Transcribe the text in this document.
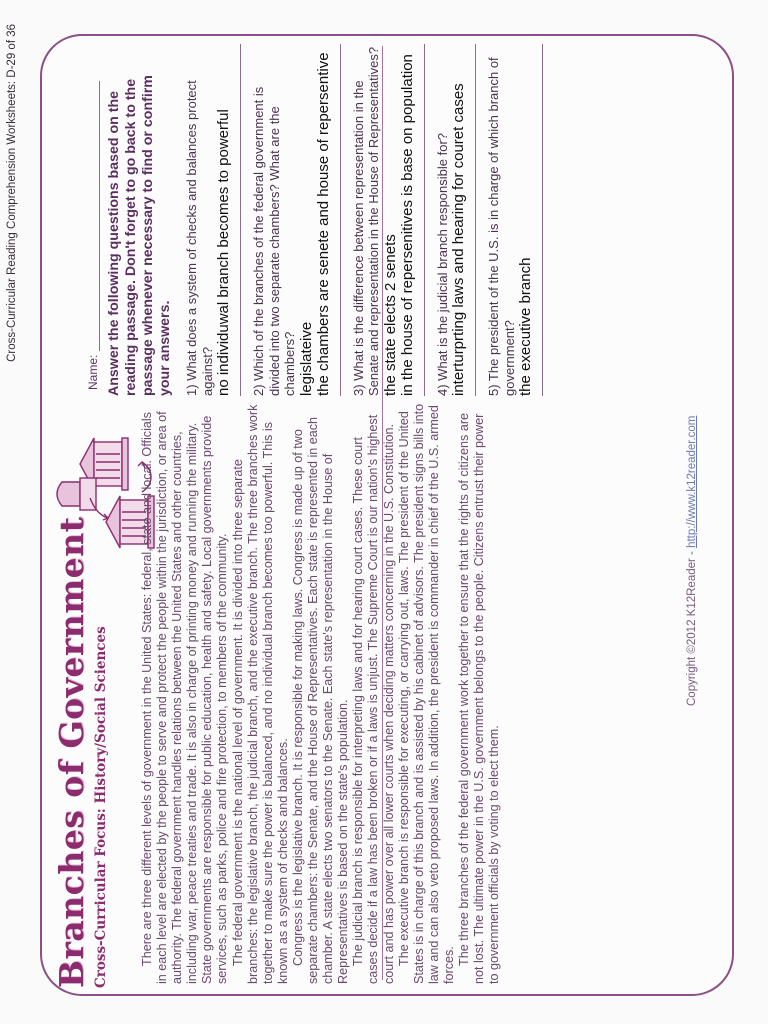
Cross-Curricular Reading Comprehension Worksheets: D-29 of 36
Branches of Government Cross-Curricular Focus: History/Social Sciences There are three different levels of government in the United States: federal, state and local. Officials in each level are elected by the people to serve and protect the people within the jurisdiction, or area of authority. The federal government handles relations between the United States and other countries, including war, peace treaties and trade. It is also in charge of printing money and running the military. State governments are responsible for public education, health and safety. Local governments provide services, such as parks, police and fire protection, to members of the community. The federal government is the national level of government. It is divided into three separate branches: the legislative branch, the judicial branch, and the executive branch. The three branches work together to make sure the power is balanced, and no individual branch becomes too powerful. This is known as a system of checks and balances. Congress is the legislative branch. It is responsible for making laws. Congress is made up of two separate chambers: the Senate, and the House of Representatives. Each state is represented in each chamber. A state elects two senators to the Senate. Each state's representation in the House of Representatives is based on the state's population. The judicial branch is responsible for interpreting laws and for hearing court cases. These court cases decide if a law has been broken or if a laws is unjust. The Supreme Court is our nation's highest court and has power over all lower courts when deciding matters concerning in the U.S. Constitution. The executive branch is responsible for executing, or carrying out, laws. The president of the United States is in charge of this branch and is assisted by his cabinet of advisors. The president signs bills into law and can also veto proposed laws. In addition, the president is commander in chief of the U.S. armed forces. The three branches of the federal government work together to ensure that the rights of citizens are not lost. The ultimate power in the U.S. government belongs to the people. Citizens entrust their power to government officials by voting to elect them.

Copyright ©2012 K12Reader - http://www.k12reader.com
Name: Answer the following questions based on the reading passage. Don't forget to go back to the passage whenever necessary to find or confirm your answers. 1) What does a system of checks and balances protect against? no individuwal branch becomes to powerful 2) Which of the branches of the federal government is divided into two separate chambers? What are the chambers? legislateive the chambers are senete and house of repersentive 3) What is the difference between representation in the Senate and representation in the House of Representatives? the state elects 2 senets in the house of repersenitives is base on population 4) What is the judicial branch responsible for? interturprting laws and hearing for couret cases 5) The president of the U.S. is in charge of which branch of government? the executive branch
